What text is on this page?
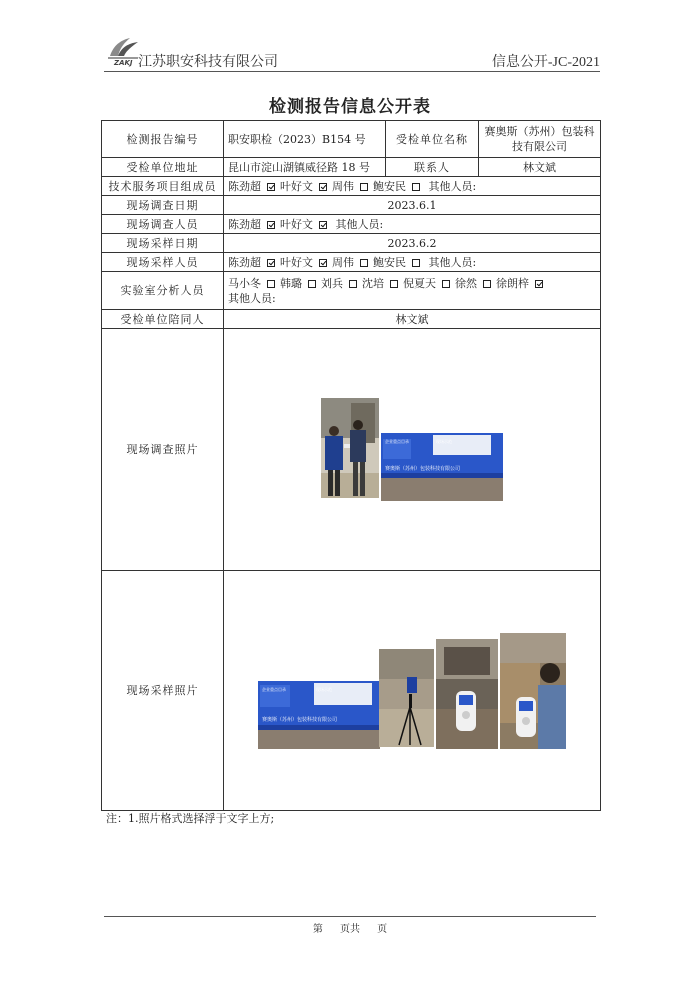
ZAKJ 江苏职安科技有限公司	信息公开-JC-2021
检测报告信息公开表
检测报告编号	职安职检（2023）B154 号	受检单位名称	赛奥斯（苏州）包装科技有限公司
受检单位地址	昆山市淀山湖镇威径路 18 号	联系人	林文斌
技术服务项目组成员	陈劲超 叶好文 周伟 鲍安民 其他人员:		
现场调查日期	2023.6.1		
现场调查人员	陈劲超 叶好文 其他人员:		
现场采样日期	2023.6.2		
现场采样人员	陈劲超 叶好文 周伟 鲍安民 其他人员:		
实验室分析人员	马小冬 韩璐 刘兵 沈培 倪夏天 徐然 徐朗梓
其他人员:		
受检单位陪同人	林文斌		
现场调查照片	企业重点目录 现场示范
赛奥斯（苏州）包装科技有限公司		

现场采样照片	企业重点目录 现场示范
赛奥斯（苏州）包装科技有限公司		
注：1.照片格式选择浮于文字上方;
第 页共 页
